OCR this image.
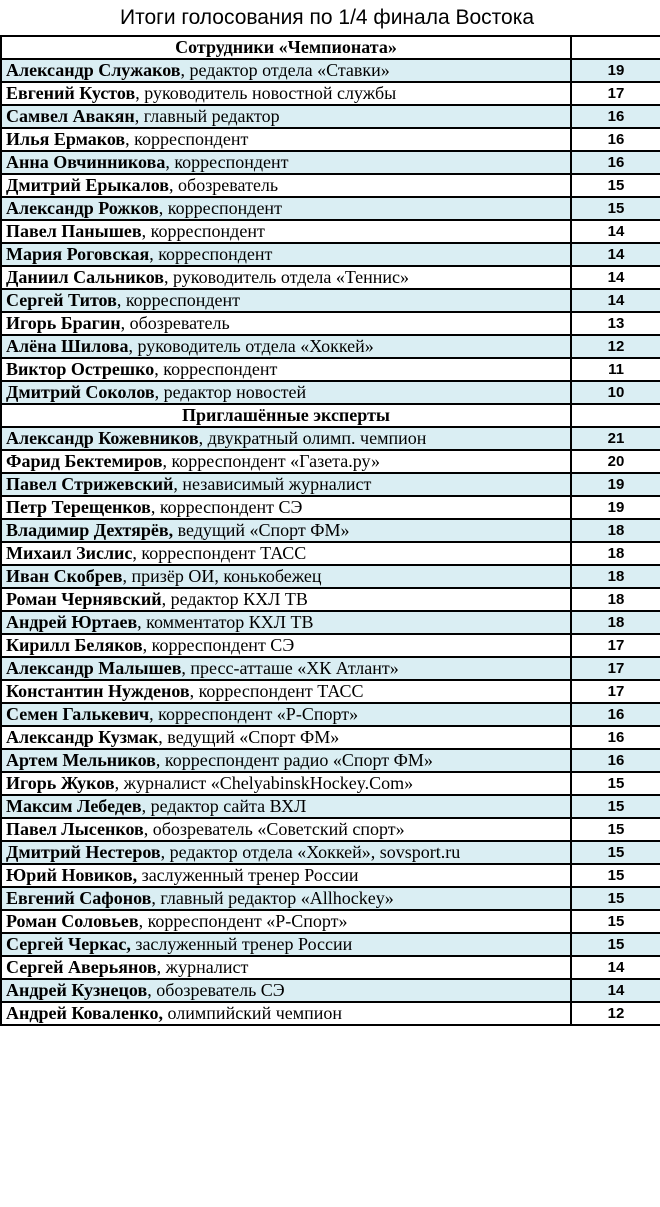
Итоги голосования по 1/4 финала Востока
Сотрудники «Чемпионата»	
Александр Служаков, редактор отдела «Ставки»	19
Евгений Кустов, руководитель новостной службы	17
Самвел Авакян, главный редактор	16
Илья Ермаков, корреспондент	16
Анна Овчинникова, корреспондент	16
Дмитрий Ерыкалов, обозреватель	15
Александр Рожков, корреспондент	15
Павел Панышев, корреспондент	14
Мария Роговская, корреспондент	14
Даниил Сальников, руководитель отдела «Теннис»	14
Сергей Титов, корреспондент	14
Игорь Брагин, обозреватель	13
Алёна Шилова, руководитель отдела «Хоккей»	12
Виктор Острешко, корреспондент	11
Дмитрий Соколов, редактор новостей	10
Приглашённые эксперты	
Александр Кожевников, двукратный олимп. чемпион	21
Фарид Бектемиров, корреспондент «Газета.ру»	20
Павел Стрижевский, независимый журналист	19
Петр Терещенков, корреспондент СЭ	19
Владимир Дехтярёв, ведущий «Спорт ФМ»	18
Михаил Зислис, корреспондент ТАСС	18
Иван Скобрев, призёр ОИ, конькобежец	18
Роман Чернявский, редактор КХЛ ТВ	18
Андрей Юртаев, комментатор КХЛ ТВ	18
Кирилл Беляков, корреспондент СЭ	17
Александр Малышев, пресс-атташе «ХК Атлант»	17
Константин Нужденов, корреспондент ТАСС	17
Семен Галькевич, корреспондент «Р-Спорт»	16
Александр Кузмак, ведущий «Спорт ФМ»	16
Артем Мельников, корреспондент радио «Спорт ФМ»	16
Игорь Жуков, журналист «ChelyabinskHockey.Com»	15
Максим Лебедев, редактор сайта ВХЛ	15
Павел Лысенков, обозреватель «Советский спорт»	15
Дмитрий Нестеров, редактор отдела «Хоккей», sovsport.ru	15
Юрий Новиков, заслуженный тренер России	15
Евгений Сафонов, главный редактор «Allhockey»	15
Роман Соловьев, корреспондент «Р-Спорт»	15
Сергей Черкас, заслуженный тренер России	15
Сергей Аверьянов, журналист	14
Андрей Кузнецов, обозреватель СЭ	14
Андрей Коваленко, олимпийский чемпион	12
